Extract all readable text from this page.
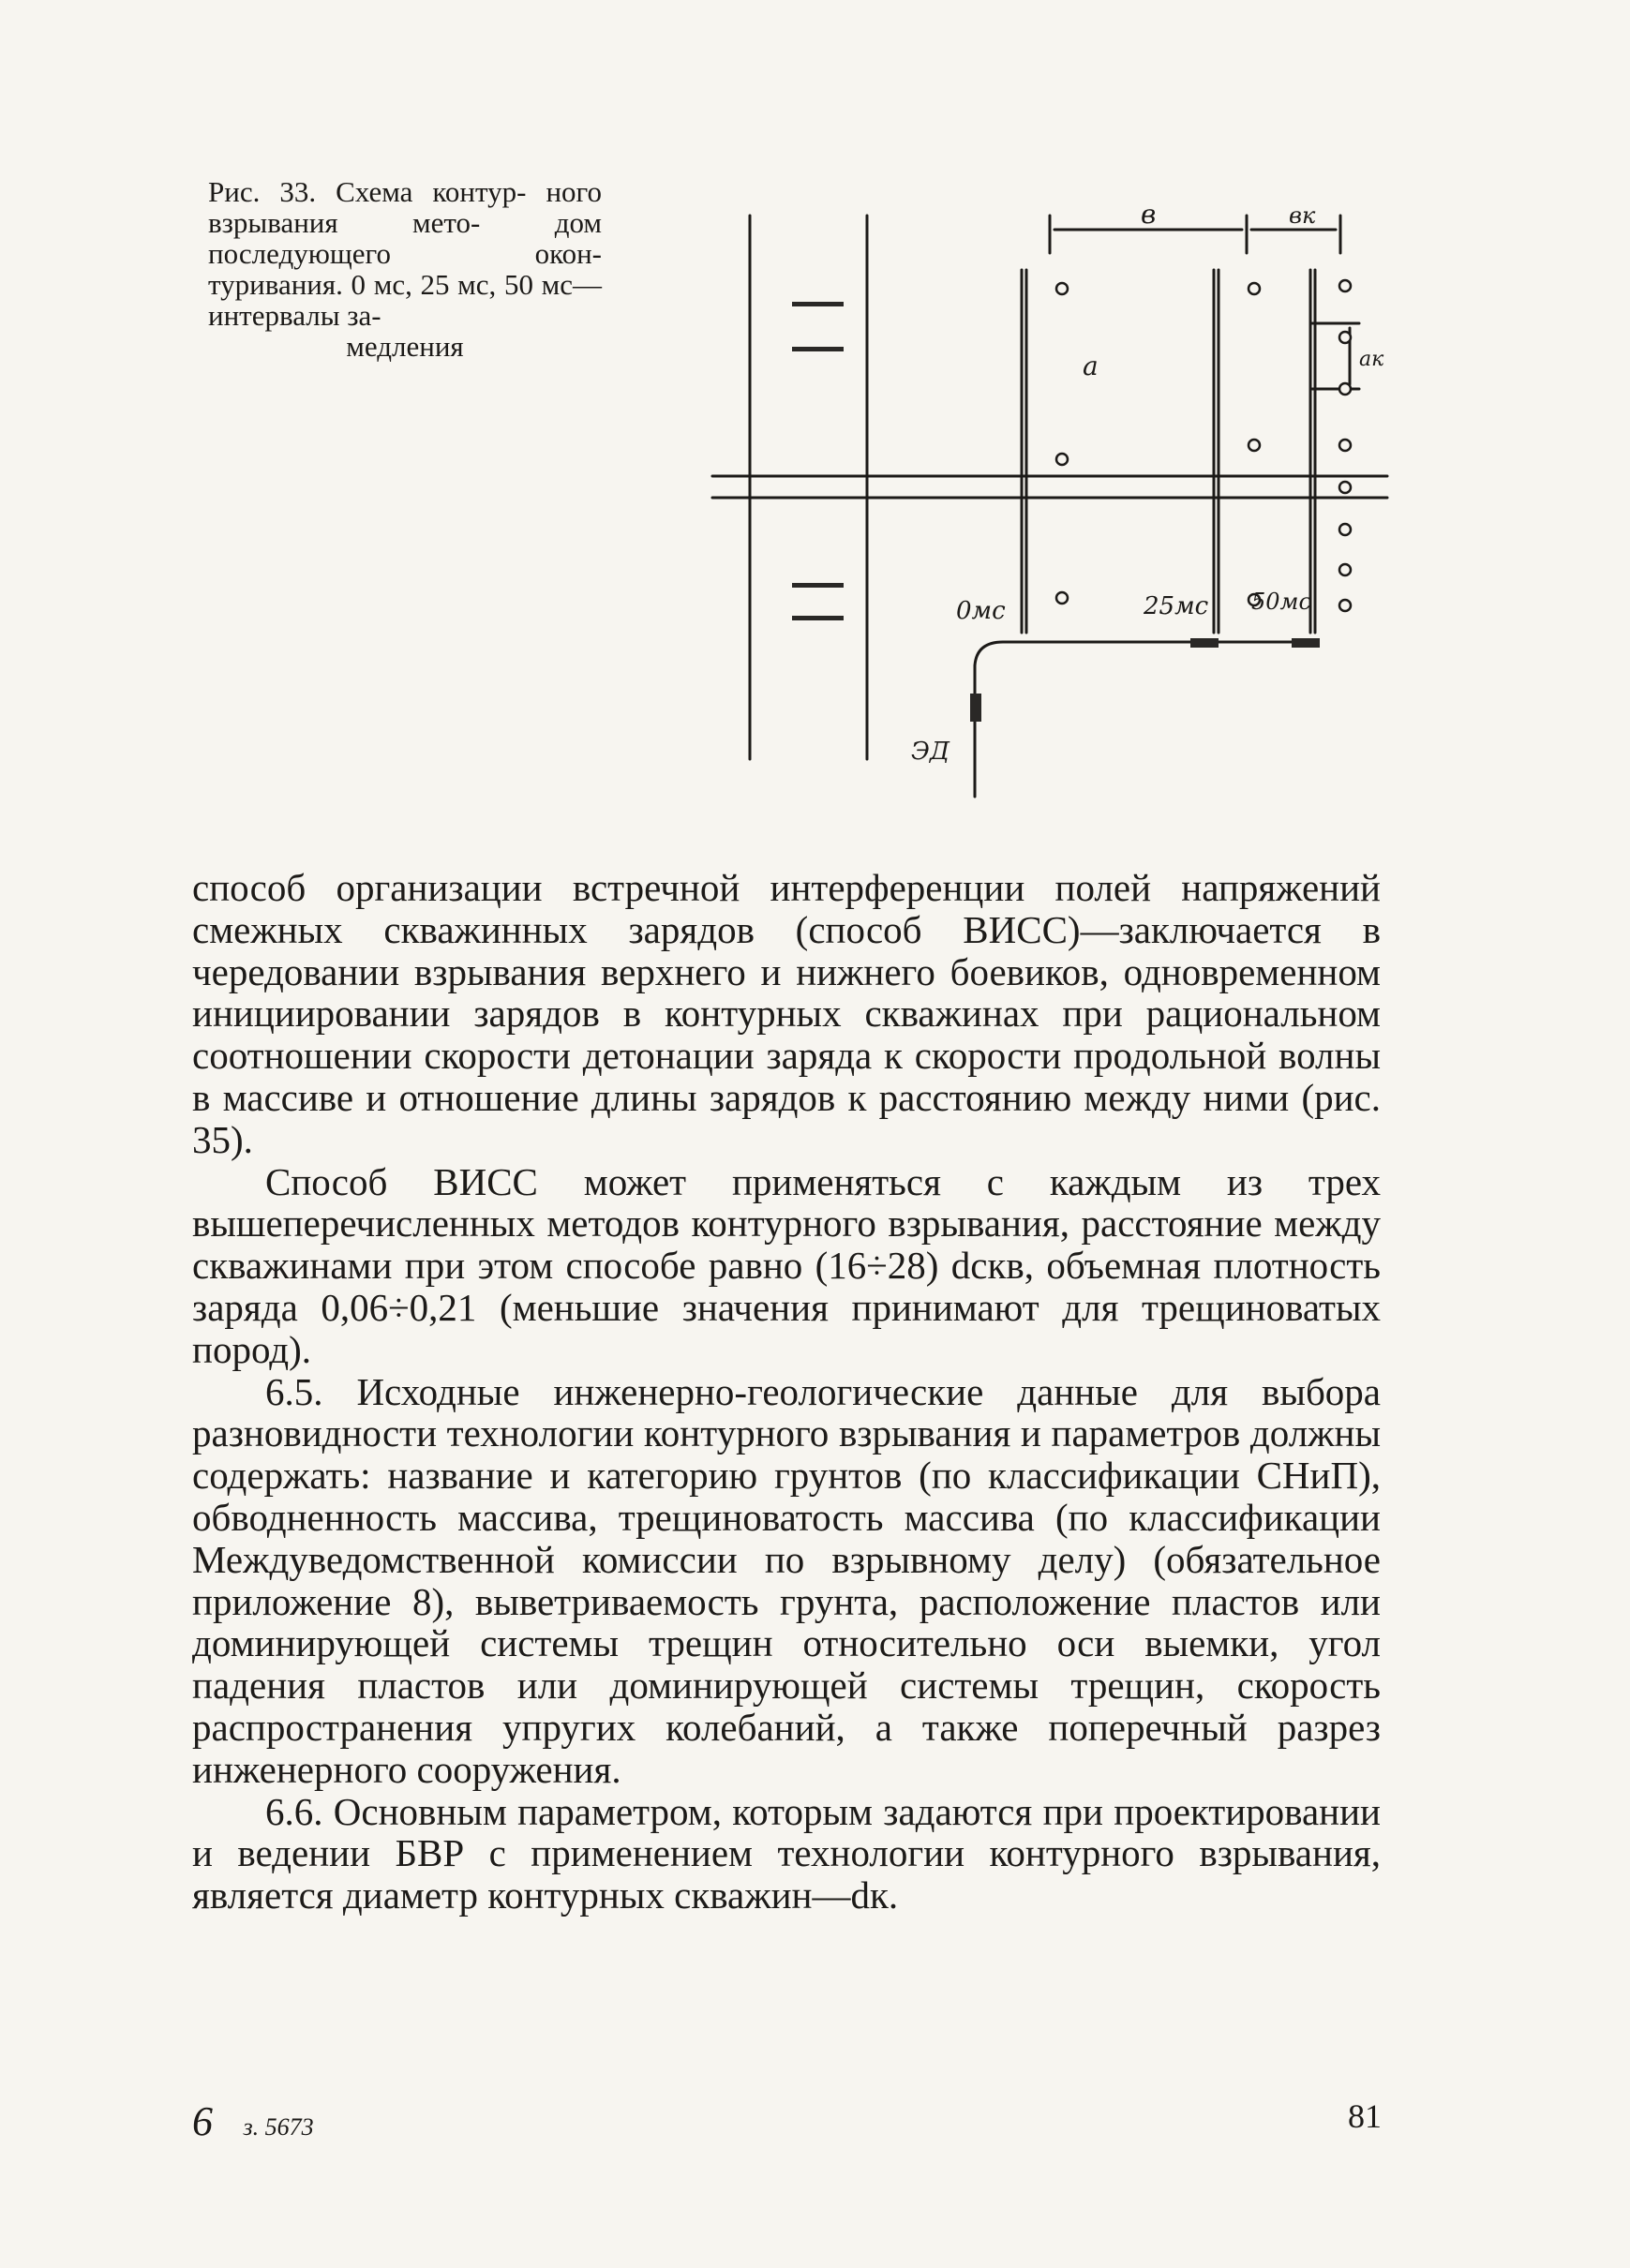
Рис. 33. Схема контур- ного взрывания мето-	дом последующего окон- туривания. 0 мс, 25 мс, 50 мс—интервалы за-
медления
в	вк
а	ак
0мс	25мс 50мс
ЭД

способ организации встречной интерференции полей напряжений смежных скважинных зарядов (способ ВИСС)—заключается в чередовании взрывания верхнего и нижнего боевиков, одновременном инициировании зарядов в контурных скважинах при рациональном соотношении скорости детонации заряда к скорости продольной волны в массиве и отношение длины зарядов к расстоянию между ними (рис. 35).

Способ ВИСС может применяться с каждым из трех вышеперечисленных методов контурного взрывания, расстояние между скважинами при этом способе равно (16÷28) dскв, объемная плотность заряда 0,06÷0,21 (меньшие значения принимают для трещиноватых пород).

6.5. Исходные инженерно-геологические данные для выбора разновидности технологии контурного взрывания и параметров должны содержать: название и категорию грунтов (по классификации СНиП), обводненность массива, трещиноватость массива (по классификации Междуведомственной комиссии по взрывному делу) (обязательное приложение 8), выветриваемость грунта, расположение пластов или доминирующей системы трещин относительно оси выемки, угол падения пластов или доминирующей системы трещин, скорость распространения упругих колебаний, а также поперечный разрез инженерного сооружения.

6.6. Основным параметром, которым задаются при проектировании и ведении БВР с применением технологии контурного взрывания, является диаметр контурных скважин—dк.

6 з. 5673	81
